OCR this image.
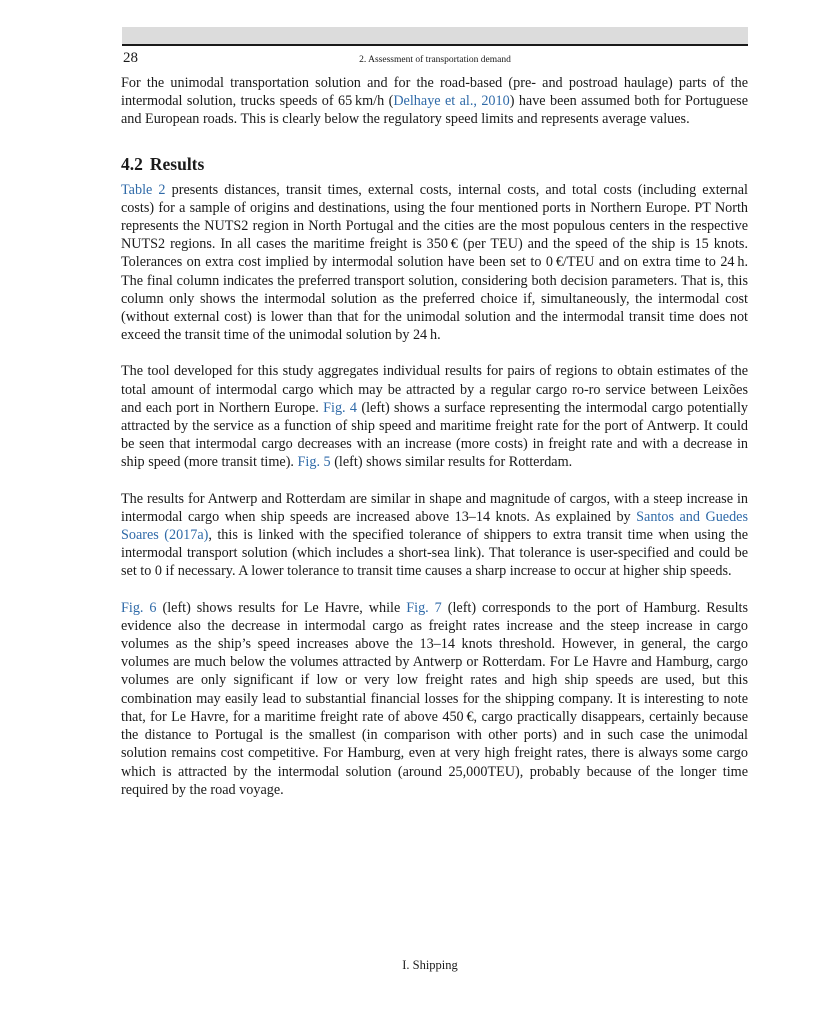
28	2. Assessment of transportation demand

For the unimodal transportation solution and for the road-based (pre- and postroad haulage) parts of the intermodal solution, trucks speeds of 65 km/h (Delhaye et al., 2010) have been assumed both for Portuguese and European roads. This is clearly below the regulatory speed limits and represents average values.

4.2 Results

Table 2 presents distances, transit times, external costs, internal costs, and total costs (including external costs) for a sample of origins and destinations, using the four mentioned ports in Northern Europe. PT North represents the NUTS2 region in North Portugal and the cities are the most populous centers in the respective NUTS2 regions. In all cases the maritime freight is 350 € (per TEU) and the speed of the ship is 15 knots. Tolerances on extra cost implied by intermodal solution have been set to 0 €/TEU and on extra time to 24 h. The final column indicates the preferred transport solution, considering both decision parameters. That is, this column only shows the intermodal solution as the preferred choice if, simultaneously, the intermodal cost (without external cost) is lower than that for the unimodal solution and the intermodal transit time does not exceed the transit time of the unimodal solution by 24 h.

The tool developed for this study aggregates individual results for pairs of regions to obtain estimates of the total amount of intermodal cargo which may be attracted by a regular cargo ro-ro service between Leixões and each port in Northern Europe. Fig. 4 (left) shows a surface representing the intermodal cargo potentially attracted by the service as a function of ship speed and maritime freight rate for the port of Antwerp. It could be seen that intermodal cargo decreases with an increase (more costs) in freight rate and with a decrease in ship speed (more transit time). Fig. 5 (left) shows similar results for Rotterdam.

The results for Antwerp and Rotterdam are similar in shape and magnitude of cargos, with a steep increase in intermodal cargo when ship speeds are increased above 13–14 knots. As explained by Santos and Guedes Soares (2017a), this is linked with the specified tolerance of shippers to extra transit time when using the intermodal transport solution (which includes a short-sea link). That tolerance is user-specified and could be set to 0 if necessary. A lower tolerance to transit time causes a sharp increase to occur at higher ship speeds.

Fig. 6 (left) shows results for Le Havre, while Fig. 7 (left) corresponds to the port of Hamburg. Results evidence also the decrease in intermodal cargo as freight rates increase and the steep increase in cargo volumes as the ship’s speed increases above the 13–14 knots threshold. However, in general, the cargo volumes are much below the volumes attracted by Antwerp or Rotterdam. For Le Havre and Hamburg, cargo volumes are only significant if low or very low freight rates and high ship speeds are used, but this combination may easily lead to substantial financial losses for the shipping company. It is interesting to note that, for Le Havre, for a maritime freight rate of above 450 €, cargo practically disappears, certainly because the distance to Portugal is the smallest (in comparison with other ports) and in such case the unimodal solution remains cost competitive. For Hamburg, even at very high freight rates, there is always some cargo which is attracted by the intermodal solution (around 25,000TEU), probably because of the longer time required by the road voyage.

I. Shipping
